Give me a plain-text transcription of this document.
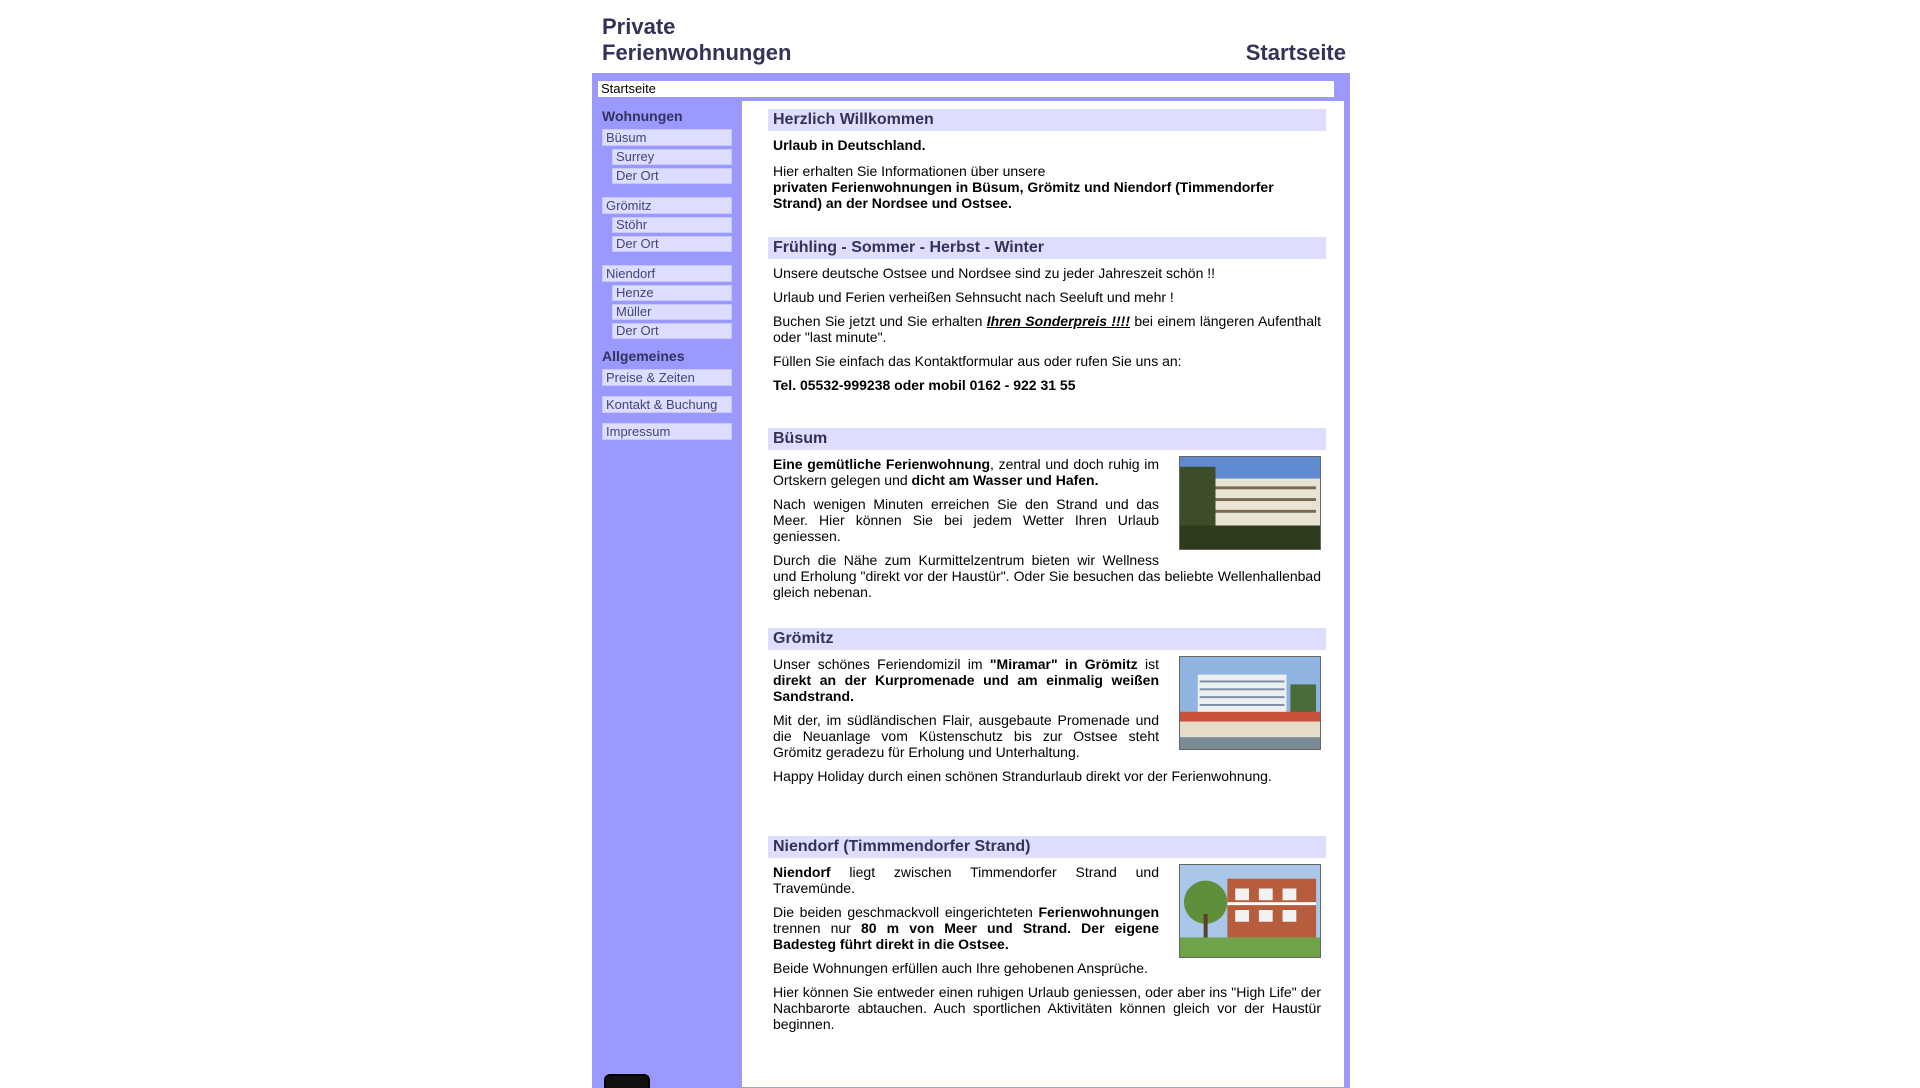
Private
Ferienwohnungen	Startseite
Startseite
Wohnungen
Büsum
Surrey
Der Ort
Grömitz
Stöhr
Der Ort
Niendorf
Henze
Müller
Der Ort
Allgemeines
Preise & Zeiten
Kontakt & Buchung
Impressum
Herzlich Willkommen

Urlaub in Deutschland.

Hier erhalten Sie Informationen über unsere
privaten Ferienwohnungen in Büsum, Grömitz und Niendorf (Timmendorfer Strand) an der Nordsee und Ostsee.

Frühling - Sommer - Herbst - Winter

Unsere deutsche Ostsee und Nordsee sind zu jeder Jahreszeit schön !!

Urlaub und Ferien verheißen Sehnsucht nach Seeluft und mehr !

Buchen Sie jetzt und Sie erhalten Ihren Sonderpreis !!!! bei einem längeren Aufenthalt oder "last minute".

Füllen Sie einfach das Kontaktformular aus oder rufen Sie uns an:

Tel. 05532-999238 oder mobil 0162 - 922 31 55

Büsum

Eine gemütliche Ferienwohnung, zentral und doch ruhig im Ortskern gelegen und dicht am Wasser und Hafen.

Nach wenigen Minuten erreichen Sie den Strand und das Meer. Hier können Sie bei jedem Wetter Ihren Urlaub geniessen.

Durch die Nähe zum Kurmittelzentrum bieten wir Wellness und Erholung "direkt vor der Haustür". Oder Sie besuchen das beliebte Wellenhallenbad gleich nebenan.

Grömitz

Unser schönes Feriendomizil im "Miramar" in Grömitz ist direkt an der Kurpromenade und am einmalig weißen Sandstrand.

Mit der, im südländischen Flair, ausgebaute Promenade und die Neuanlage vom Küstenschutz bis zur Ostsee steht Grömitz geradezu für Erholung und Unterhaltung.

Happy Holiday durch einen schönen Strandurlaub direkt vor der Ferienwohnung.

Niendorf (Timmmendorfer Strand)

Niendorf liegt zwischen Timmendorfer Strand und Travemünde.

Die beiden geschmackvoll eingerichteten Ferienwohnungen trennen nur 80 m von Meer und Strand. Der eigene Badesteg führt direkt in die Ostsee.

Beide Wohnungen erfüllen auch Ihre gehobenen Ansprüche.

Hier können Sie entweder einen ruhigen Urlaub geniessen, oder aber ins "High Life" der Nachbarorte abtauchen. Auch sportlichen Aktivitäten können gleich vor der Haustür beginnen.
